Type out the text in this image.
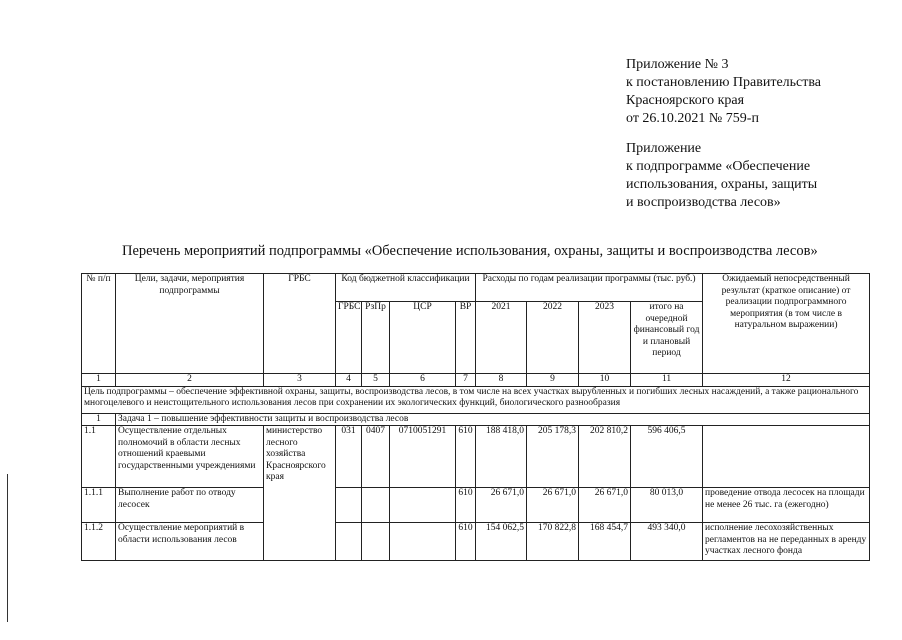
Приложение № 3
к постановлению Правительства
Красноярского края
от 26.10.2021 № 759-п
Приложение
к подпрограмме «Обеспечение
использования, охраны, защиты
и воспроизводства лесов»
Перечень мероприятий подпрограммы «Обеспечение использования, охраны, защиты и воспроизводства лесов»
№ п/п	Цели, задачи, мероприятия подпрограммы	ГРБС	Код бюджетной классификации				Расходы по годам реализации программы (тыс. руб.)				Ожидаемый непосредственный результат (краткое описание) от реализации подпрограммного мероприятия (в том числе в натуральном выражении)
			ГРБС	РзПр	ЦСР	ВР	2021	2022	2023	итого на очередной финансовый год и плановый период	
1	2	3	4	5	6	7	8	9	10	11	12
Цель подпрограммы – обеспечение эффективной охраны, защиты, воспроизводства лесов, в том числе на всех участках вырубленных и погибших лесных насаждений, а также рационального многоцелевого и неистощительного использования лесов при сохранении их экологических функций, биологического разнообразия											
1	Задача 1 – повышение эффективности защиты и воспроизводства лесов										
1.1	Осуществление отдельных полномочий в области лесных отношений краевыми государственными учреждениями	министерство лесного хозяйства Красноярского края	031	0407	0710051291	610	188 418,0	205 178,3	202 810,2	596 406,5	
1.1.1	Выполнение работ по отводу лесосек					610	26 671,0	26 671,0	26 671,0	80 013,0	проведение отвода лесосек на площади не менее 26 тыс. га (ежегодно)
1.1.2	Осуществление мероприятий в области использования лесов					610	154 062,5	170 822,8	168 454,7	493 340,0	исполнение лесохозяйственных регламентов на не переданных в аренду участках лесного фонда
